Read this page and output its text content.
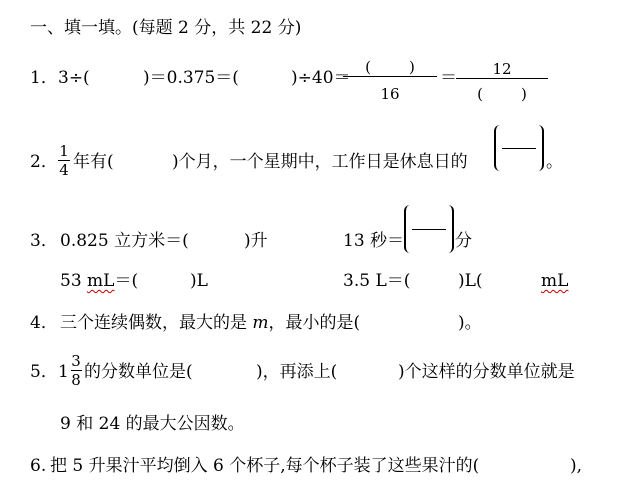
一、填一填。(每题 2 分，共 22 分)
1． 3÷(	)＝0.375＝(	)÷40＝
(        )
16
＝ 12
(        )
2．
1
4 年有(	)个月，一个星期中，工作日是休息日的	。
3． 0.825 立方米＝(	)升	13 秒＝	分
53 mL＝(	)L	3.5 L＝(	)L(	mL
4． 三个连续偶数，最大的是 m，最小的是(	)。
5． 1
3
8 的分数单位是(	)，再添上(	)个这样的分数单位就是
9 和 24 的最大公因数。
6. 把 5 升果汁平均倒入 6 个杯子,每个杯子装了这些果汁的(	),
